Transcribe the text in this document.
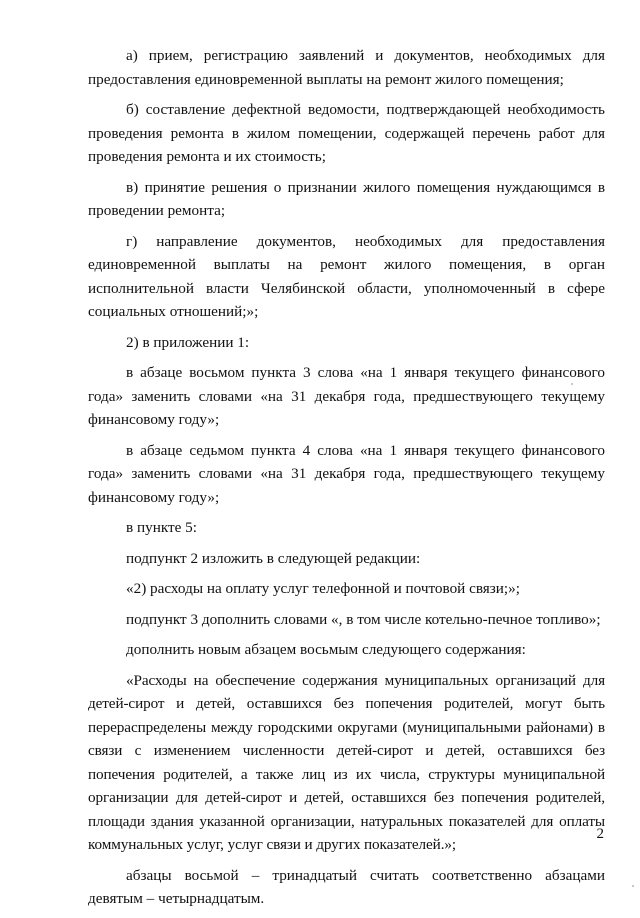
а) прием, регистрацию заявлений и документов, необходимых для предоставления единовременной выплаты на ремонт жилого помещения;

б) составление дефектной ведомости, подтверждающей необходимость проведения ремонта в жилом помещении, содержащей перечень работ для проведения ремонта и их стоимость;

в) принятие решения о признании жилого помещения нуждающимся в проведении ремонта;

г) направление документов, необходимых для предоставления единовременной выплаты на ремонт жилого помещения, в орган исполнительной власти Челябинской области, уполномоченный в сфере социальных отношений;»;

2) в приложении 1:

в абзаце восьмом пункта 3 слова «на 1 января текущего финансового года» заменить словами «на 31 декабря года, предшествующего текущему финансовому году»;

в абзаце седьмом пункта 4 слова «на 1 января текущего финансового года» заменить словами «на 31 декабря года, предшествующего текущему финансовому году»;

в пункте 5:

подпункт 2 изложить в следующей редакции:

«2) расходы на оплату услуг телефонной и почтовой связи;»;

подпункт 3 дополнить словами «, в том числе котельно-печное топливо»;

дополнить новым абзацем восьмым следующего содержания:

«Расходы на обеспечение содержания муниципальных организаций для детей-сирот и детей, оставшихся без попечения родителей, могут быть перераспределены между городскими округами (муниципальными районами) в связи с изменением численности детей-сирот и детей, оставшихся без попечения родителей, а также лиц из их числа, структуры муниципальной организации для детей-сирот и детей, оставшихся без попечения родителей, площади здания указанной организации, натуральных показателей для оплаты коммунальных услуг, услуг связи и других показателей.»;

абзацы восьмой – тринадцатый считать соответственно абзацами девятым – четырнадцатым.

2
